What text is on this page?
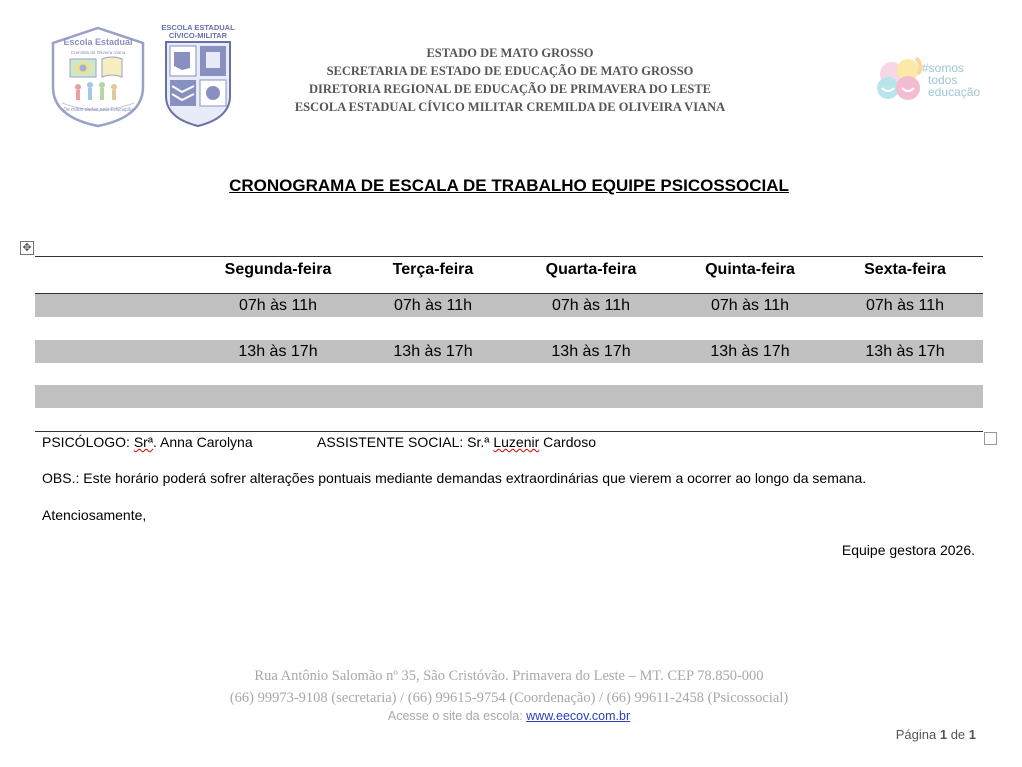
Escola Estadual
Cremilda de Oliveira Viana
De mãos dadas pela Educação
ESCOLA ESTADUAL
CÍVICO-MILITAR
ESTADO DE MATO GROSSO
SECRETARIA DE ESTADO DE EDUCAÇÃO DE MATO GROSSO
DIRETORIA REGIONAL DE EDUCAÇÃO DE PRIMAVERA DO LESTE
ESCOLA ESTADUAL CÍVICO MILITAR CREMILDA DE OLIVEIRA VIANA
#somos
todos
educação
CRONOGRAMA DE ESCALA DE TRABALHO EQUIPE PSICOSSOCIAL
✥
Segunda-feira	Terça-feira	Quarta-feira	Quinta-feira	Sexta-feira
07h às 11h	07h às 11h	07h às 11h	07h às 11h	07h às 11h
13h às 17h	13h às 17h	13h às 17h	13h às 17h	13h às 17h
PSICÓLOGO: Srª. Anna Carolyna	ASSISTENTE SOCIAL: Sr.ª Luzenir Cardoso
OBS.: Este horário poderá sofrer alterações pontuais mediante demandas extraordinárias que vierem a ocorrer ao longo da semana.
Atenciosamente,
Equipe gestora 2026.
Rua Antônio Salomão nº 35, São Cristóvão. Primavera do Leste – MT. CEP 78.850-000
(66) 99973-9108 (secretaria) / (66) 99615-9754 (Coordenação) / (66) 99611-2458 (Psicossocial)
Acesse o site da escola: www.eecov.com.br
Página 1 de 1
